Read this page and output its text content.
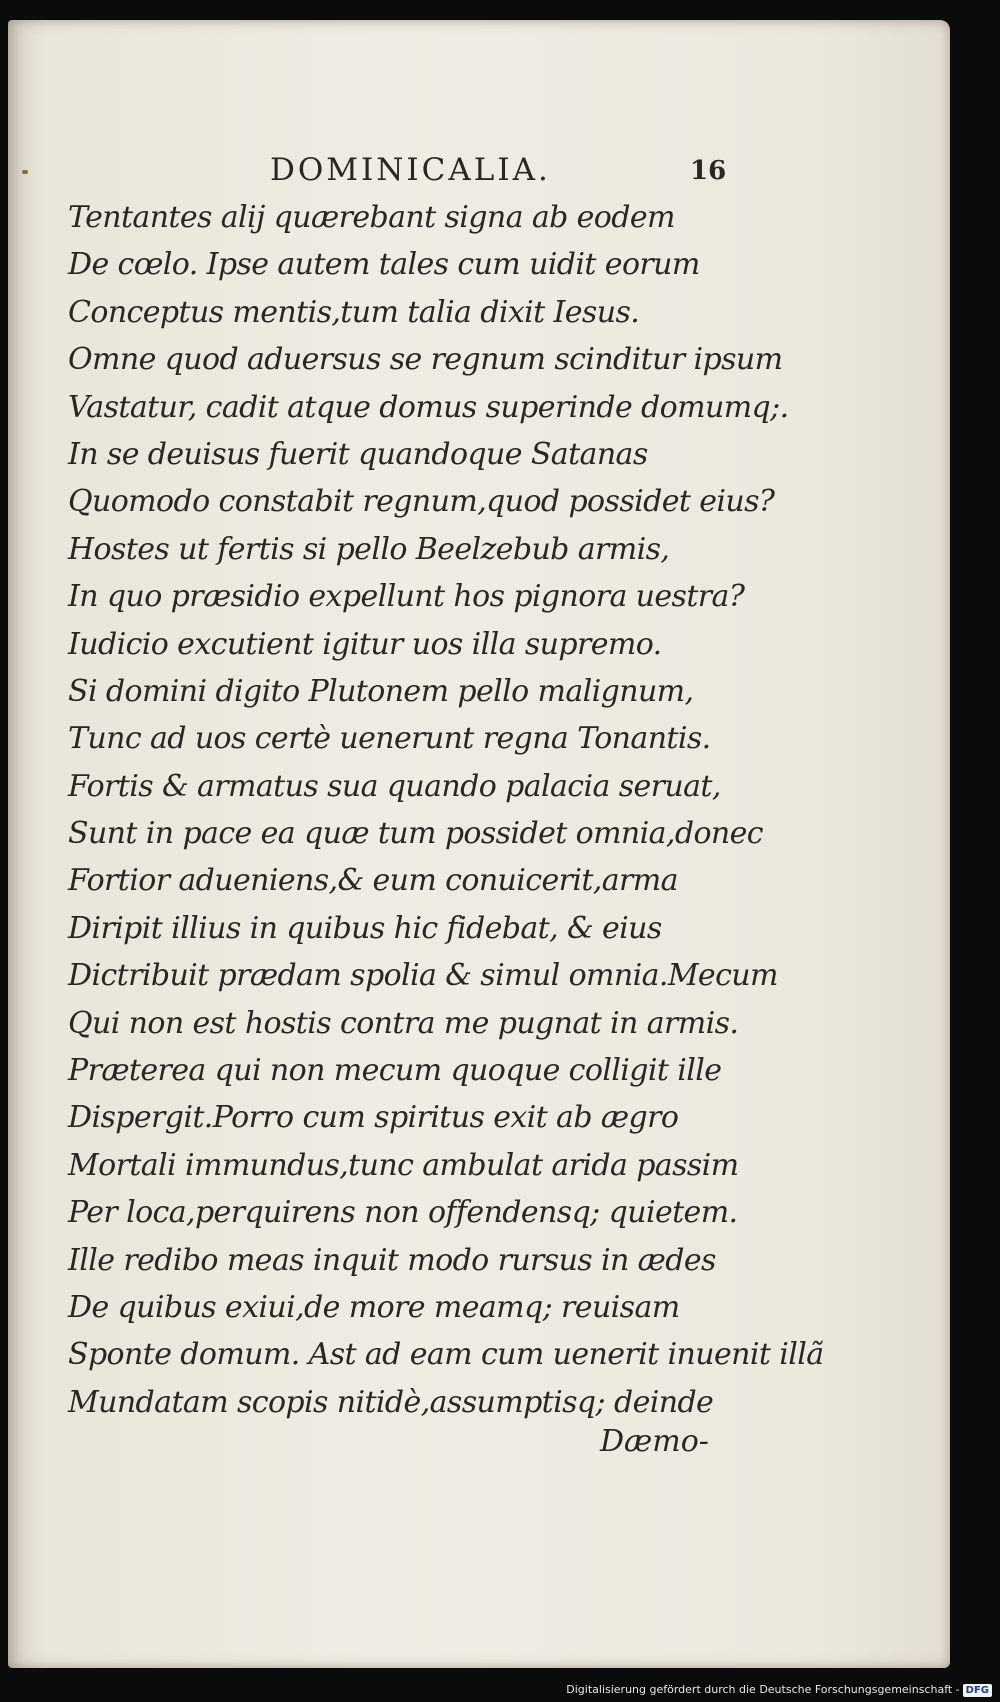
DOMINICALIA.	16
Tentantes alij quærebant signa ab eodem
De cœlo. Ipse autem tales cum uidit eorum
Conceptus mentis,tum talia dixit Iesus.
Omne quod aduersus se regnum scinditur ipsum
Vastatur, cadit atque domus superinde domumq;.
In se deuisus fuerit quandoque Satanas
Quomodo constabit regnum,quod possidet eius?
Hostes ut fertis si pello Beelzebub armis,
In quo præsidio expellunt hos pignora uestra?
Iudicio excutient igitur uos illa supremo.
Si domini digito Plutonem pello malignum,
Tunc ad uos certè uenerunt regna Tonantis.
Fortis & armatus sua quando palacia seruat,
Sunt in pace ea quæ tum possidet omnia,donec
Fortior adueniens,& eum conuicerit,arma
Diripit illius in quibus hic fidebat, & eius
Dictribuit prædam spolia & simul omnia.Mecum
Qui non est hostis contra me pugnat in armis.
Præterea qui non mecum quoque colligit ille
Dispergit.Porro cum spiritus exit ab ægro
Mortali immundus,tunc ambulat arida passim
Per loca,perquirens non offendensq; quietem.
Ille redibo meas inquit modo rursus in ædes
De quibus exiui,de more meamq; reuisam
Sponte domum. Ast ad eam cum uenerit inuenit illã
Mundatam scopis nitidè,assumptisq; deinde
Dæmo-
Digitalisierung gefördert durch die Deutsche Forschungsgemeinschaft - DFG
